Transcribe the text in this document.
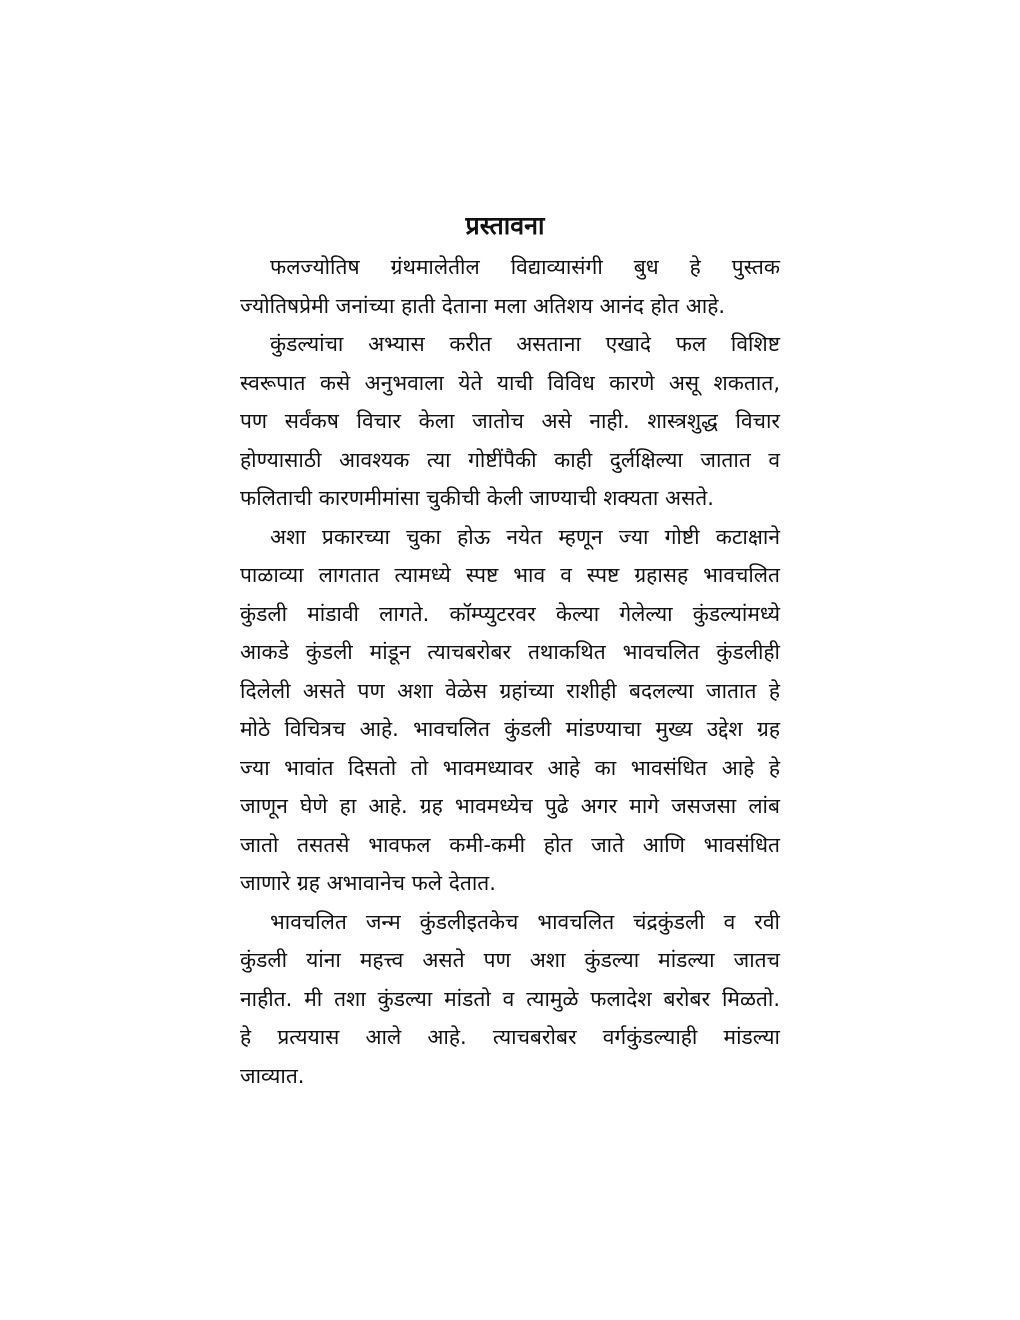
प्रस्तावना
फलज्योतिष ग्रंथमालेतील विद्याव्यासंगी बुध हे पुस्तक
ज्योतिषप्रेमी जनांच्या हाती देताना मला अतिशय आनंद होत आहे.
कुंडल्यांचा अभ्यास करीत असताना एखादे फल विशिष्ट
स्वरूपात कसे अनुभवाला येते याची विविध कारणे असू शकतात,
पण सर्वंकष विचार केला जातोच असे नाही. शास्त्रशुद्ध विचार
होण्यासाठी आवश्यक त्या गोष्टींपैकी काही दुर्लक्षिल्या जातात व
फलिताची कारणमीमांसा चुकीची केली जाण्याची शक्यता असते.
अशा प्रकारच्या चुका होऊ नयेत म्हणून ज्या गोष्टी कटाक्षाने
पाळाव्या लागतात त्यामध्ये स्पष्ट भाव व स्पष्ट ग्रहासह भावचलित
कुंडली मांडावी लागते. कॉम्प्युटरवर केल्या गेलेल्या कुंडल्यांमध्ये
आकडे कुंडली मांडून त्याचबरोबर तथाकथित भावचलित कुंडलीही
दिलेली असते पण अशा वेळेस ग्रहांच्या राशीही बदलल्या जातात हे
मोठे विचित्रच आहे. भावचलित कुंडली मांडण्याचा मुख्य उद्देश ग्रह
ज्या भावांत दिसतो तो भावमध्यावर आहे का भावसंधित आहे हे
जाणून घेणे हा आहे. ग्रह भावमध्येच पुढे अगर मागे जसजसा लांब
जातो तसतसे भावफल कमी-कमी होत जाते आणि भावसंधित
जाणारे ग्रह अभावानेच फले देतात.
भावचलित जन्म कुंडलीइतकेच भावचलित चंद्रकुंडली व रवी
कुंडली यांना महत्त्व असते पण अशा कुंडल्या मांडल्या जातच
नाहीत. मी तशा कुंडल्या मांडतो व त्यामुळे फलादेश बरोबर मिळतो.
हे प्रत्ययास आले आहे. त्याचबरोबर वर्गकुंडल्याही मांडल्या
जाव्यात.
